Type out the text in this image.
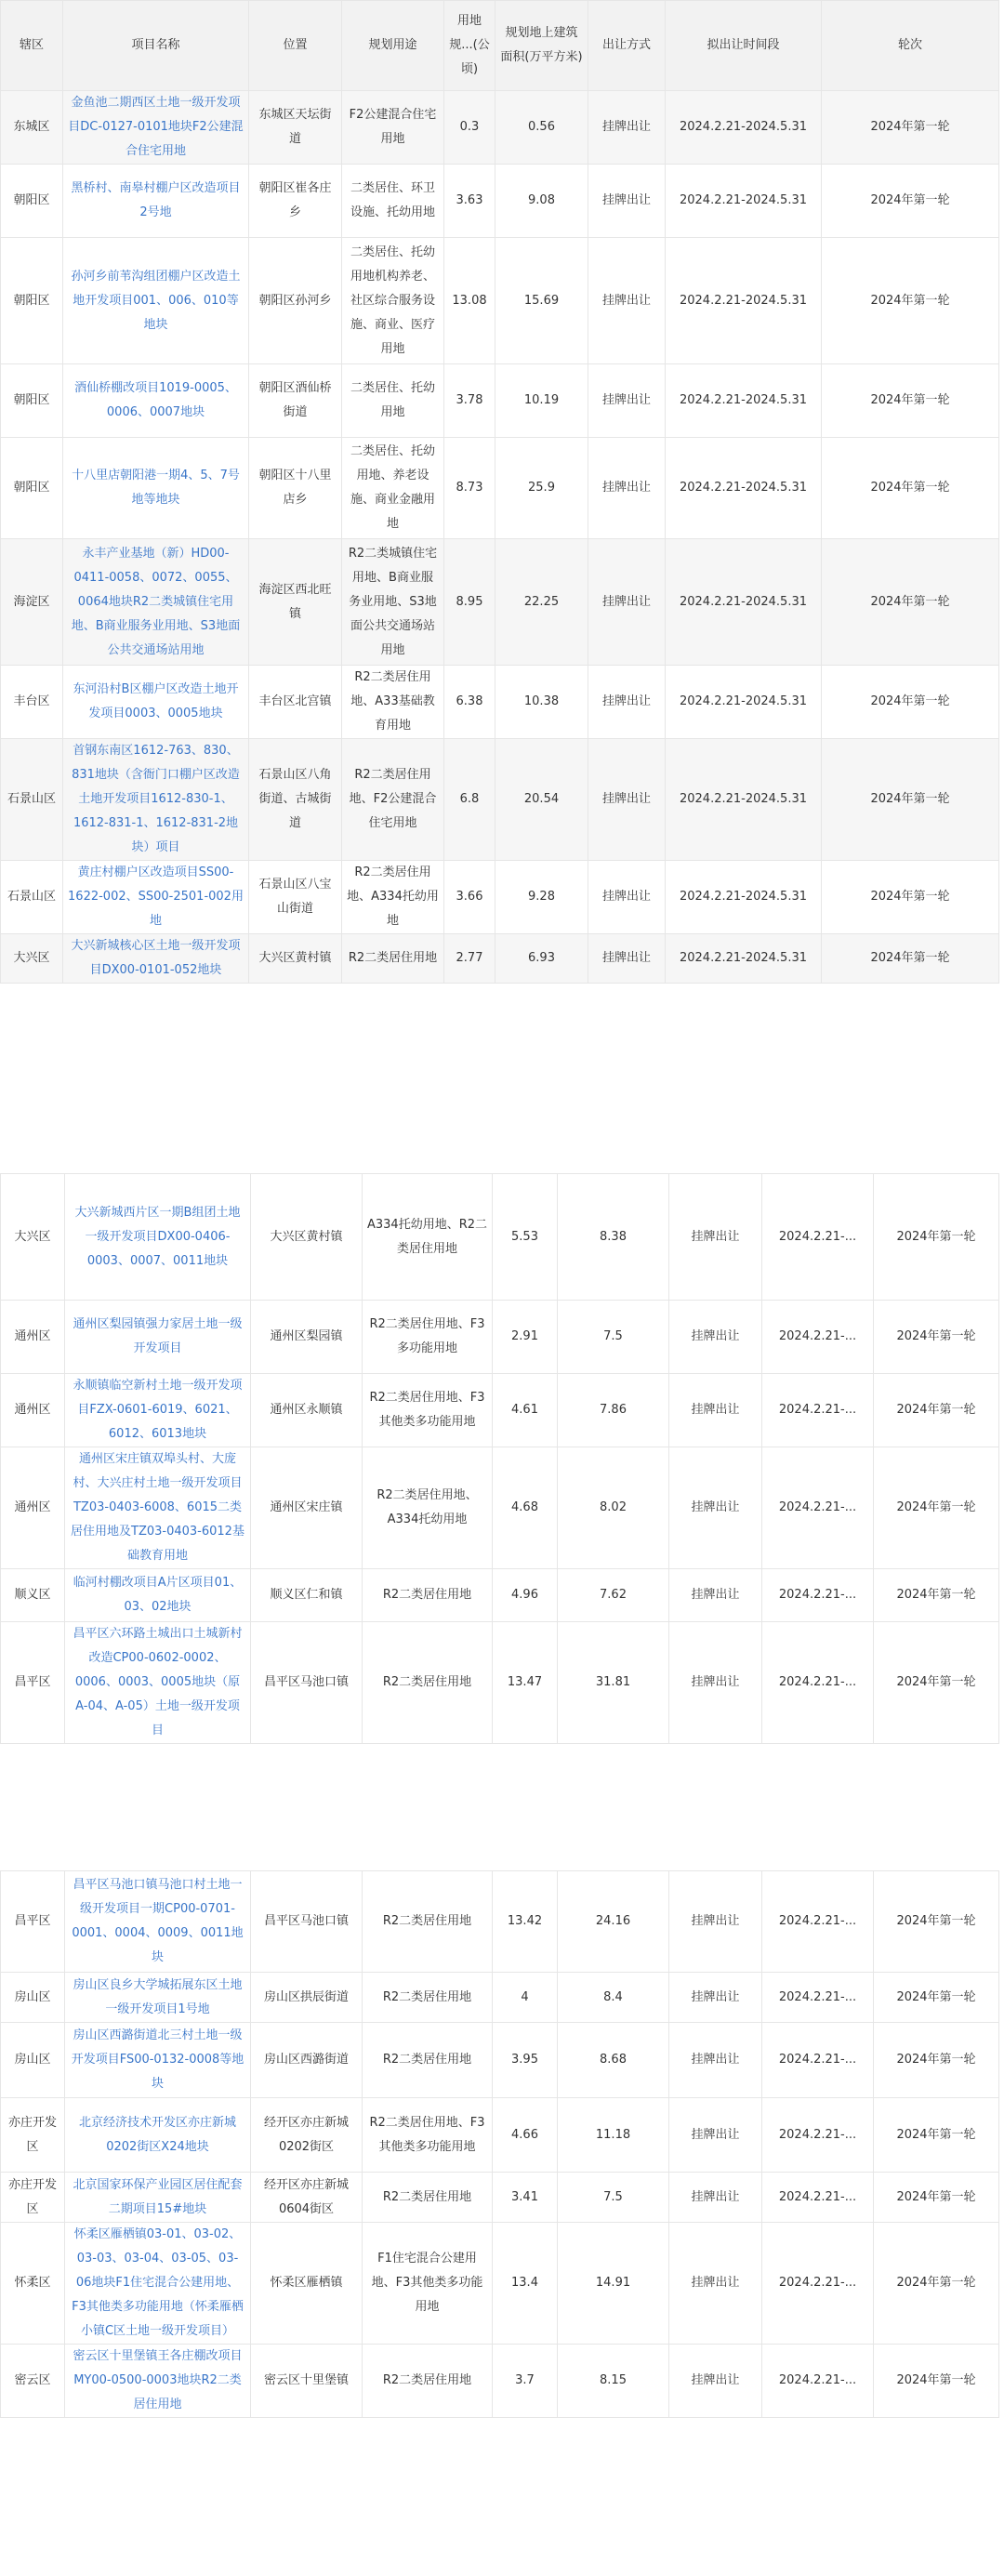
辖区	项目名称	位置	规划用途	用地规...(公顷)	规划地上建筑面积(万平方米)	出让方式	拟出让时间段	轮次
东城区	金鱼池二期西区土地一级开发项目DC-0127-0101地块F2公建混合住宅用地	东城区天坛街道	F2公建混合住宅用地	0.3	0.56	挂牌出让	2024.2.21-2024.5.31	2024年第一轮
朝阳区	黑桥村、南皋村棚户区改造项目2号地	朝阳区崔各庄乡	二类居住、环卫设施、托幼用地	3.63	9.08	挂牌出让	2024.2.21-2024.5.31	2024年第一轮
朝阳区	孙河乡前苇沟组团棚户区改造土地开发项目001、006、010等地块	朝阳区孙河乡	二类居住、托幼用地机构养老、社区综合服务设施、商业、医疗用地	13.08	15.69	挂牌出让	2024.2.21-2024.5.31	2024年第一轮
朝阳区	酒仙桥棚改项目1019-0005、0006、0007地块	朝阳区酒仙桥街道	二类居住、托幼用地	3.78	10.19	挂牌出让	2024.2.21-2024.5.31	2024年第一轮
朝阳区	十八里店朝阳港一期4、5、7号地等地块	朝阳区十八里店乡	二类居住、托幼用地、养老设施、商业金融用地	8.73	25.9	挂牌出让	2024.2.21-2024.5.31	2024年第一轮
海淀区	永丰产业基地（新）HD00-0411-0058、0072、0055、0064地块R2二类城镇住宅用地、B商业服务业用地、S3地面公共交通场站用地	海淀区西北旺镇	R2二类城镇住宅用地、B商业服务业用地、S3地面公共交通场站用地	8.95	22.25	挂牌出让	2024.2.21-2024.5.31	2024年第一轮
丰台区	东河沿村B区棚户区改造土地开发项目0003、0005地块	丰台区北宫镇	R2二类居住用地、A33基础教育用地	6.38	10.38	挂牌出让	2024.2.21-2024.5.31	2024年第一轮
石景山区	首钢东南区1612-763、830、831地块（含衙门口棚户区改造土地开发项目1612-830-1、1612-831-1、1612-831-2地块）项目	石景山区八角街道、古城街道	R2二类居住用地、F2公建混合住宅用地	6.8	20.54	挂牌出让	2024.2.21-2024.5.31	2024年第一轮
石景山区	黄庄村棚户区改造项目SS00-1622-002、SS00-2501-002用地	石景山区八宝山街道	R2二类居住用地、A334托幼用地	3.66	9.28	挂牌出让	2024.2.21-2024.5.31	2024年第一轮
大兴区	大兴新城核心区土地一级开发项目DX00-0101-052地块	大兴区黄村镇	R2二类居住用地	2.77	6.93	挂牌出让	2024.2.21-2024.5.31	2024年第一轮
大兴区	大兴新城西片区一期B组团土地一级开发项目DX00-0406-0003、0007、0011地块	大兴区黄村镇	A334托幼用地、R2二类居住用地	5.53	8.38	挂牌出让	2024.2.21-...	2024年第一轮
通州区	通州区梨园镇强力家居土地一级开发项目	通州区梨园镇	R2二类居住用地、F3多功能用地	2.91	7.5	挂牌出让	2024.2.21-...	2024年第一轮
通州区	永顺镇临空新村土地一级开发项目FZX-0601-6019、6021、6012、6013地块	通州区永顺镇	R2二类居住用地、F3其他类多功能用地	4.61	7.86	挂牌出让	2024.2.21-...	2024年第一轮
通州区	通州区宋庄镇双埠头村、大庞村、大兴庄村土地一级开发项目TZ03-0403-6008、6015二类居住用地及TZ03-0403-6012基础教育用地	通州区宋庄镇	R2二类居住用地、A334托幼用地	4.68	8.02	挂牌出让	2024.2.21-...	2024年第一轮
顺义区	临河村棚改项目A片区项目01、03、02地块	顺义区仁和镇	R2二类居住用地	4.96	7.62	挂牌出让	2024.2.21-...	2024年第一轮
昌平区	昌平区六环路土城出口土城新村改造CP00-0602-0002、0006、0003、0005地块（原A-04、A-05）土地一级开发项目	昌平区马池口镇	R2二类居住用地	13.47	31.81	挂牌出让	2024.2.21-...	2024年第一轮
昌平区	昌平区马池口镇马池口村土地一级开发项目一期CP00-0701-0001、0004、0009、0011地块	昌平区马池口镇	R2二类居住用地	13.42	24.16	挂牌出让	2024.2.21-...	2024年第一轮
房山区	房山区良乡大学城拓展东区土地一级开发项目1号地	房山区拱辰街道	R2二类居住用地	4	8.4	挂牌出让	2024.2.21-...	2024年第一轮
房山区	房山区西潞街道北三村土地一级开发项目FS00-0132-0008等地块	房山区西潞街道	R2二类居住用地	3.95	8.68	挂牌出让	2024.2.21-...	2024年第一轮
亦庄开发区	北京经济技术开发区亦庄新城0202街区X24地块	经开区亦庄新城0202街区	R2二类居住用地、F3其他类多功能用地	4.66	11.18	挂牌出让	2024.2.21-...	2024年第一轮
亦庄开发区	北京国家环保产业园区居住配套二期项目15#地块	经开区亦庄新城0604街区	R2二类居住用地	3.41	7.5	挂牌出让	2024.2.21-...	2024年第一轮
怀柔区	怀柔区雁栖镇03-01、03-02、03-03、03-04、03-05、03-06地块F1住宅混合公建用地、F3其他类多功能用地（怀柔雁栖小镇C区土地一级开发项目）	怀柔区雁栖镇	F1住宅混合公建用地、F3其他类多功能用地	13.4	14.91	挂牌出让	2024.2.21-...	2024年第一轮
密云区	密云区十里堡镇王各庄棚改项目MY00-0500-0003地块R2二类居住用地	密云区十里堡镇	R2二类居住用地	3.7	8.15	挂牌出让	2024.2.21-...	2024年第一轮
